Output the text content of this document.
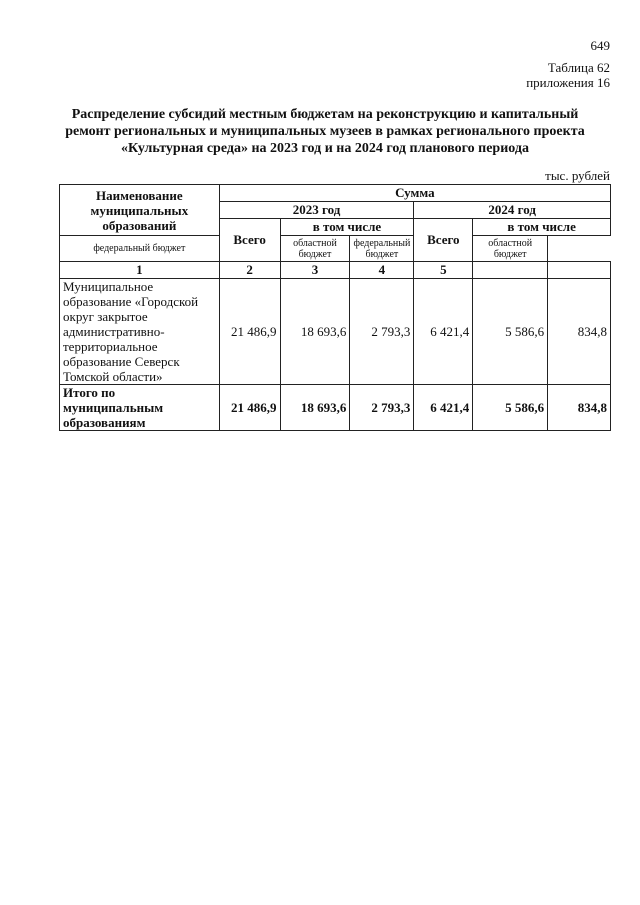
649
Таблица 62
приложения 16
Распределение субсидий местным бюджетам на реконструкцию и капитальный
ремонт региональных и муниципальных музеев в рамках регионального проекта
«Культурная среда» на 2023 год и на 2024 год планового периода
тыс. рублей
Наименование муниципальных образований	Сумма					
	2023 год			2024 год		
	Всего	в том числе		Всего	в том числе	
федеральный бюджет		областной бюджет	федеральный бюджет		областной бюджет	
1	2	3	4	5		
Муниципальное образование «Городской округ закрытое административно-территориальное образование Северск Томской области»	21 486,9	18 693,6	2 793,3	6 421,4	5 586,6	834,8
Итого по муниципальным образованиям	21 486,9	18 693,6	2 793,3	6 421,4	5 586,6	834,8
